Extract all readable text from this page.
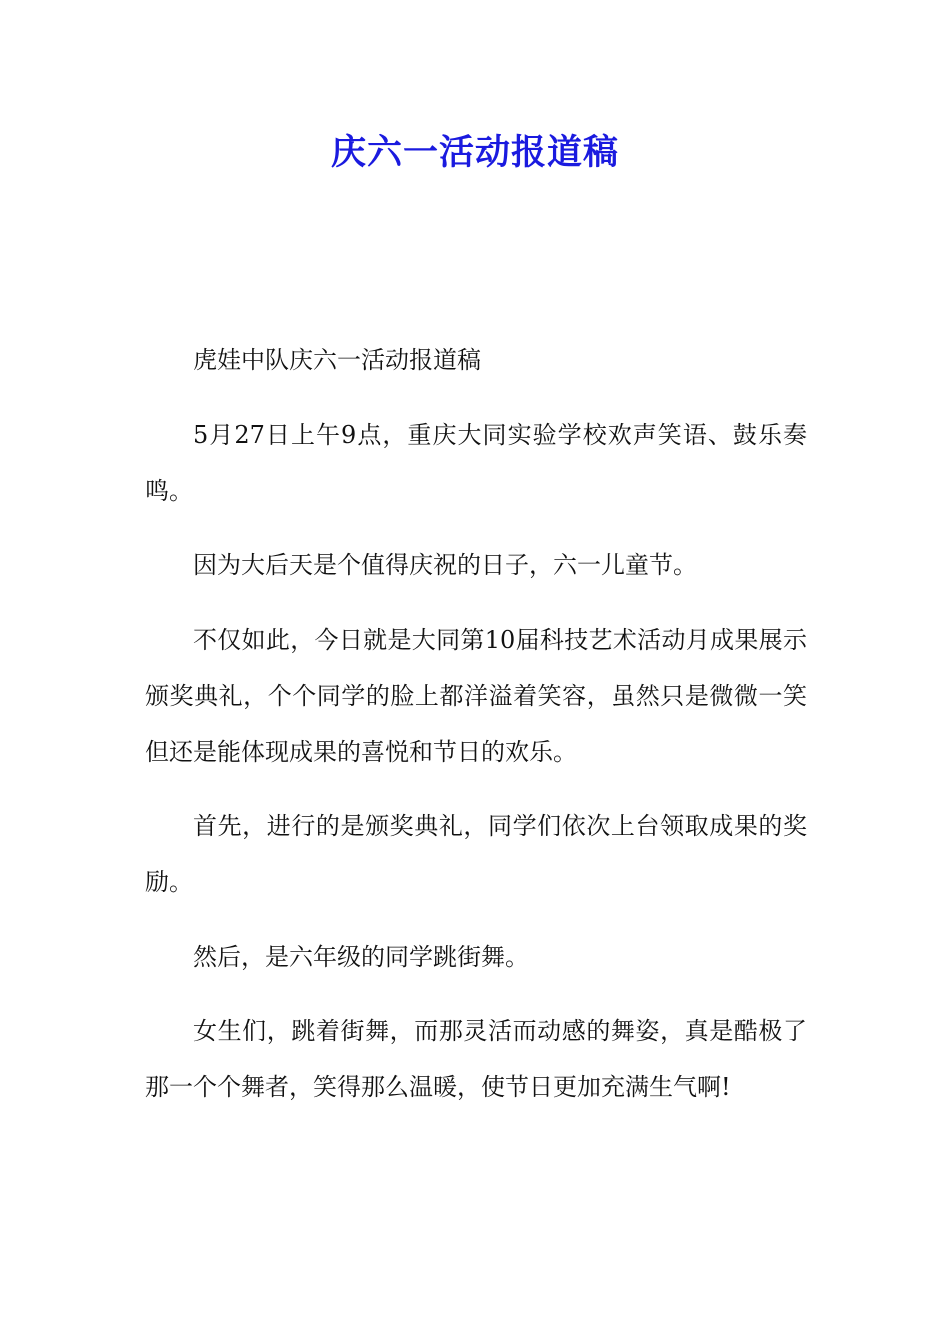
庆六一活动报道稿

虎娃中队庆六一活动报道稿

5月27日上午9点，重庆大同实验学校欢声笑语、鼓乐奏鸣。

因为大后天是个值得庆祝的日子，六一儿童节。

不仅如此，今日就是大同第10届科技艺术活动月成果展示颁奖典礼，个个同学的脸上都洋溢着笑容，虽然只是微微一笑但还是能体现成果的喜悦和节日的欢乐。

首先，进行的是颁奖典礼，同学们依次上台领取成果的奖励。

然后，是六年级的同学跳街舞。

女生们，跳着街舞，而那灵活而动感的舞姿，真是酷极了那一个个舞者，笑得那么温暖，使节日更加充满生气啊!
